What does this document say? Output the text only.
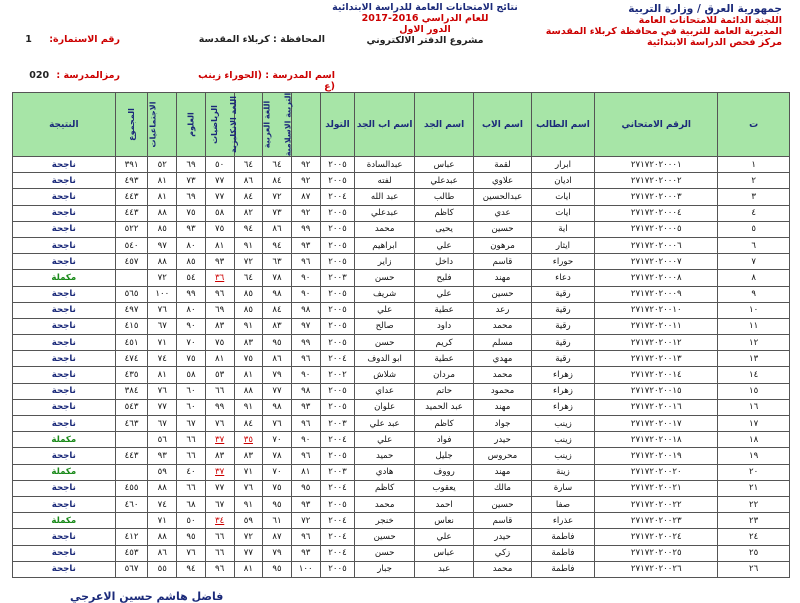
جمهورية العرق / وزارة التربية
اللجنة الدائمة للامتحانات العامة
المديرية العامة للتربية في محافظة كربلاء المقدسة
مركز فحص الدراسة الابتدائية
نتائج الامتحانات العامة للدراسة الابتدائية
للعام الدراسي 2016-2017
الدور الاول
مشروع الدفتر الالكتروني
المحافظة : كربلاء المقدسة
اسم المدرسة : (الحوراء زينب (ع
رقم الاستمارة: 1
رمزالمدرسة : 020
ت	الرقم الامتحاني	اسم الطالب	اسم الاب	اسم الجد	اسم اب الجد	التولد	التربية الاسلامية	اللغة العربية	اللغة الانكليزية	الرياضيات	العلوم	الاجتماعيات	المجموع	النتيجة
١	٢٧١٧٢٠٢٠٠٠١	ابرار	لقمة	عباس	عبدالسادة	٢٠٠٥	٩٢	٦٤	٦٤	٥٠	٦٩	٥٢	٣٩١	ناجحة
٢	٢٧١٧٢٠٢٠٠٠٢	اديان	علاوي	عبدعلي	لفته	٢٠٠٥	٩٢	٨٤	٨٦	٧٧	٧٣	٨١	٤٩٣	ناجحة
٣	٢٧١٧٢٠٢٠٠٠٣	ايات	عبدالحسين	طالب	عبد الله	٢٠٠٤	٨٧	٧٢	٨٤	٧٧	٦٩	٨١	٤٤٣	ناجحة
٤	٢٧١٧٢٠٢٠٠٠٤	ايات	عدي	كاظم	عبدعلي	٢٠٠٥	٩٢	٧٣	٨٢	٥٨	٧٥	٨٨	٤٤٣	ناجحة
٥	٢٧١٧٢٠٢٠٠٠٥	اية	حسين	يحيى	محمد	٢٠٠٥	٩٩	٨٦	٩٤	٧٥	٩٣	٨٥	٥٢٢	ناجحة
٦	٢٧١٧٢٠٢٠٠٠٦	ايثار	مرهون	علي	ابراهيم	٢٠٠٥	٩٣	٩٤	٩١	٨١	٨٠	٩٧	٥٤٠	ناجحة
٧	٢٧١٧٢٠٢٠٠٠٧	حوراء	قاسم	داخل	زاير	٢٠٠٥	٩٦	٦٣	٧٢	٩٣	٨٥	٨٨	٤٥٧	ناجحة
٨	٢٧١٧٢٠٢٠٠٠٨	دعاء	مهند	فليح	حسن	٢٠٠٣	٩٠	٧٨	٦٤	٣٦	٥٤	٧٢		مكملة
٩	٢٧١٧٢٠٢٠٠٠٩	رقية	حسين	علي	شريف	٢٠٠٥	٩٠	٩٨	٨٥	٩٦	٩٩	١٠٠	٥٦٥	ناجحة
١٠	٢٧١٧٢٠٢٠٠١٠	رقية	رعد	عطية	علي	٢٠٠٥	٩٨	٨٤	٨٥	٦٩	٨٠	٧٦	٤٩٧	ناجحة
١١	٢٧١٧٢٠٢٠٠١١	رقية	محمد	داود	صالح	٢٠٠٥	٩٧	٨٣	٩١	٨٣	٩٠	٦٧	٤١٥	ناجحة
١٢	٢٧١٧٢٠٢٠٠١٢	رقية	مسلم	كريم	حسن	٢٠٠٥	٩٩	٩٥	٨٣	٧٥	٧٠	٧١	٤٥١	ناجحة
١٣	٢٧١٧٢٠٢٠٠١٣	رقية	مهدي	عطية	ابو الدوف	٢٠٠٤	٩٦	٨٦	٧٥	٨١	٧٥	٧٤	٤٧٤	ناجحة
١٤	٢٧١٧٢٠٢٠٠١٤	زهراء	محمد	مردان	شلاش	٢٠٠٢	٩٠	٧٩	٨١	٥٣	٥٨	٨١	٤٣٥	ناجحة
١٥	٢٧١٧٢٠٢٠٠١٥	زهراء	محمود	حاتم	عداي	٢٠٠٥	٩٨	٧٧	٨٨	٦٦	٦٠	٧٦	٣٨٤	ناجحة
١٦	٢٧١٧٢٠٢٠٠١٦	زهراء	مهند	عبد الحميد	علوان	٢٠٠٥	٩٣	٩٨	٩١	٩٩	٦٠	٧٧	٥٤٣	ناجحة
١٧	٢٧١٧٢٠٢٠٠١٧	زينب	جواد	كاظم	عبد علي	٢٠٠٣	٩٦	٧٦	٨٤	٧٦	٦٧	٦٧	٤٦٣	ناجحة
١٨	٢٧١٧٢٠٢٠٠١٨	زينب	حيدر	فواد	علي	٢٠٠٤	٩٠	٧٠	٣٥	٣٧	٦٦	٥٦		مكملة
١٩	٢٧١٧٢٠٢٠٠١٩	زينب	محروس	جليل	حميد	٢٠٠٥	٩٦	٧٨	٨٣	٨٣	٦٦	٩٣	٤٤٣	ناجحة
٢٠	٢٧١٧٢٠٢٠٠٢٠	زينة	مهند	رووف	هادي	٢٠٠٣	٨١	٧٠	٧١	٣٧	٤٠	٥٩		مكملة
٢١	٢٧١٧٢٠٢٠٠٢١	سارة	مالك	يعقوب	كاظم	٢٠٠٤	٩٥	٧٥	٧٦	٧٧	٦٦	٨٨	٤٥٥	ناجحة
٢٢	٢٧١٧٢٠٢٠٠٢٢	صفا	حسين	احمد	محمد	٢٠٠٥	٩٣	٩٥	٩١	٦٧	٦٨	٧٤	٤٦٠	ناجحة
٢٣	٢٧١٧٢٠٢٠٠٢٣	عذراء	قاسم	نعاس	خنجر	٢٠٠٤	٧٢	٦١	٥٩	٣٤	٥٠	٧١		مكملة
٢٤	٢٧١٧٢٠٢٠٠٢٤	فاطمة	حيدر	علي	حسين	٢٠٠٤	٩٦	٨٧	٧٢	٦٦	٩٥	٨٨	٤١٢	ناجحة
٢٥	٢٧١٧٢٠٢٠٠٢٥	فاطمة	زكي	عباس	حسن	٢٠٠٤	٩٣	٧٩	٧٧	٦٦	٧٦	٨٦	٤٥٣	ناجحة
٢٦	٢٧١٧٢٠٢٠٠٢٦	فاطمة	محمد	عبد	جبار	٢٠٠٥	١٠٠	٩٥	٨١	٩٦	٩٤	٥٥	٥٦٧	ناجحة
فاضل هاشم حسين الاعرجي
